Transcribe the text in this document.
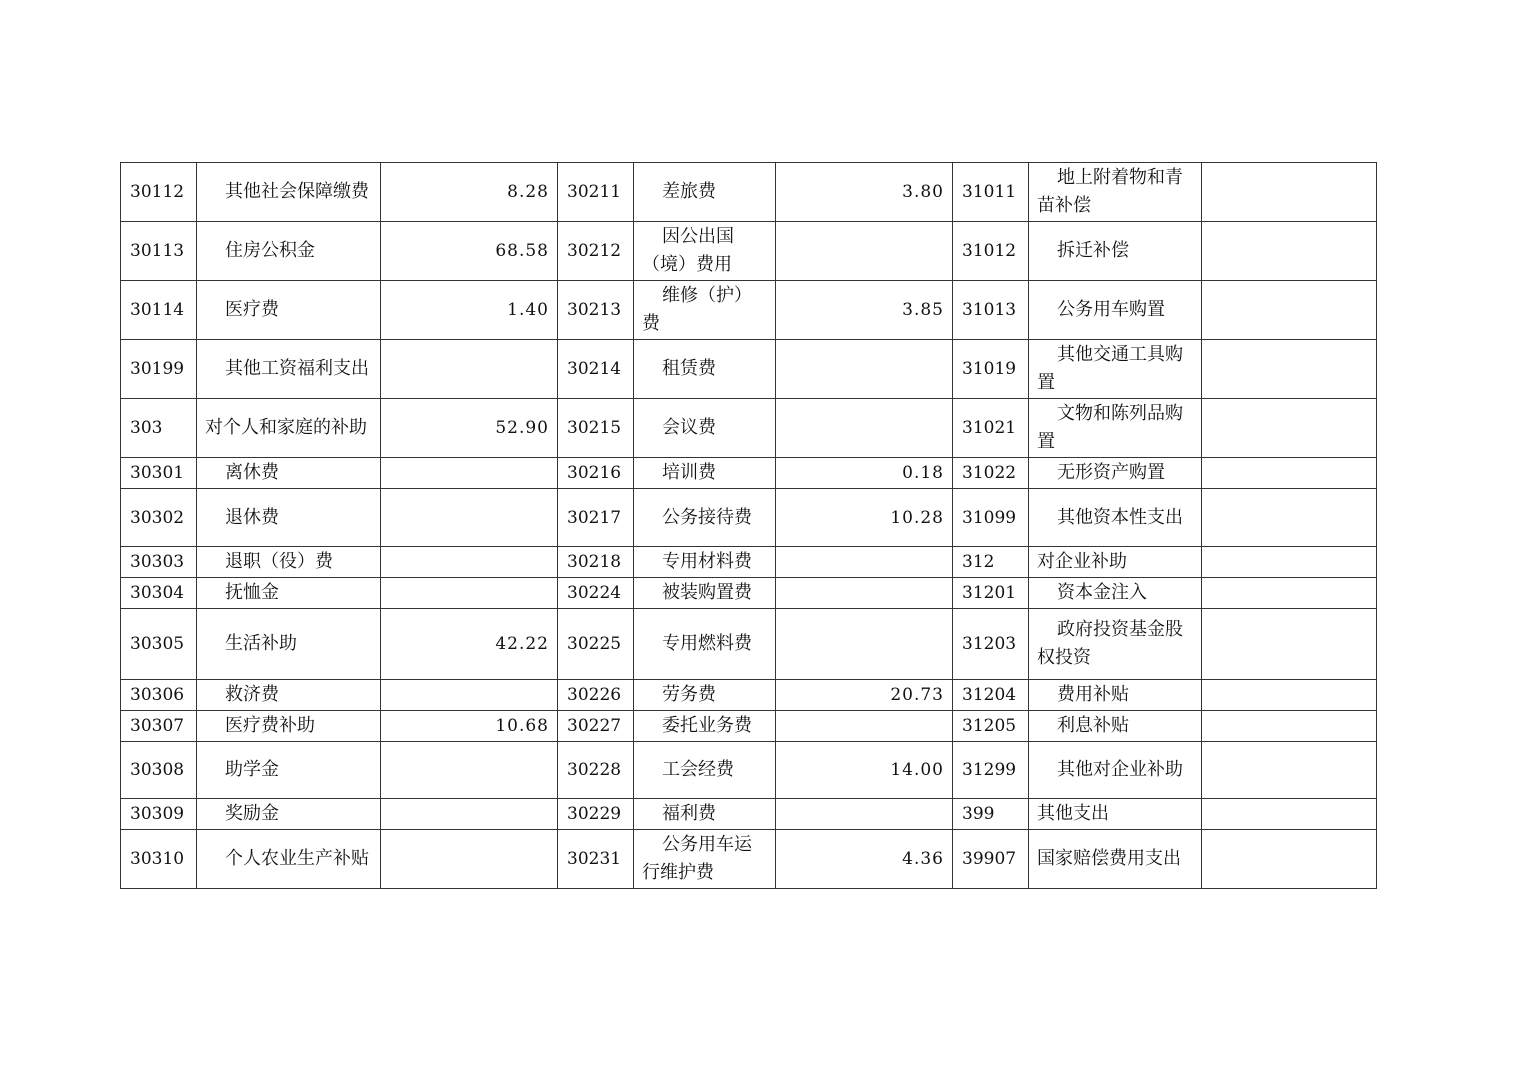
30112	其他社会保障缴费	8.28	30211	差旅费	3.80	31011	地上附着物和青苗补偿	
30113	住房公积金	68.58	30212	因公出国（境）费用		31012	拆迁补偿	
30114	医疗费	1.40	30213	维修（护）费	3.85	31013	公务用车购置	
30199	其他工资福利支出		30214	租赁费		31019	其他交通工具购置	
303	对个人和家庭的补助	52.90	30215	会议费		31021	文物和陈列品购置	
30301	离休费		30216	培训费	0.18	31022	无形资产购置	
30302	退休费		30217	公务接待费	10.28	31099	其他资本性支出	
30303	退职（役）费		30218	专用材料费		312	对企业补助	
30304	抚恤金		30224	被装购置费		31201	资本金注入	
30305	生活补助	42.22	30225	专用燃料费		31203	政府投资基金股权投资	
30306	救济费		30226	劳务费	20.73	31204	费用补贴	
30307	医疗费补助	10.68	30227	委托业务费		31205	利息补贴	
30308	助学金		30228	工会经费	14.00	31299	其他对企业补助	
30309	奖励金		30229	福利费		399	其他支出	
30310	个人农业生产补贴		30231	公务用车运行维护费	4.36	39907	国家赔偿费用支出	
